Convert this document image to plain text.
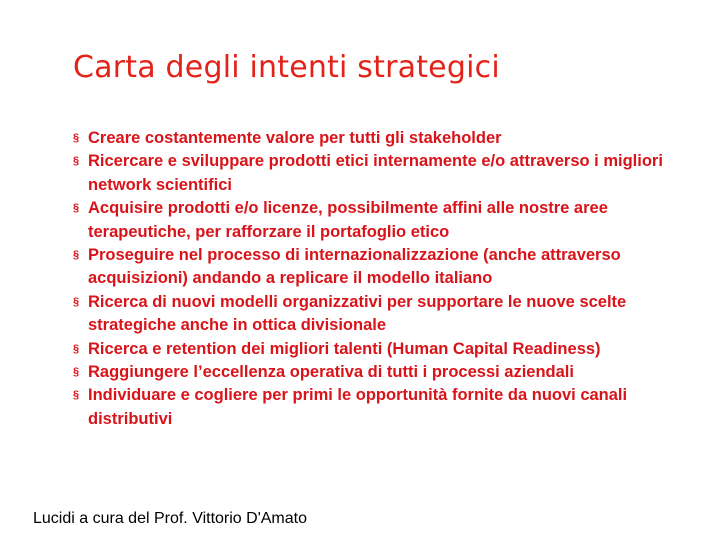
Carta degli intenti strategici
§ Creare costantemente valore per tutti gli stakeholder
§ Ricercare e sviluppare prodotti etici internamente e/o attraverso i migliori network scientifici
§ Acquisire prodotti e/o licenze, possibilmente affini alle nostre aree terapeutiche, per rafforzare il portafoglio etico
§ Proseguire nel processo di internazionalizzazione (anche attraverso acquisizioni) andando a replicare il modello italiano
§ Ricerca di nuovi modelli organizzativi per supportare le nuove scelte strategiche anche in ottica divisionale
§ Ricerca e retention dei migliori talenti (Human Capital Readiness)
§ Raggiungere l’eccellenza operativa di tutti i processi aziendali
§ Individuare e cogliere per primi le opportunità fornite da nuovi canali distributivi
Lucidi a cura del Prof. Vittorio D'Amato
